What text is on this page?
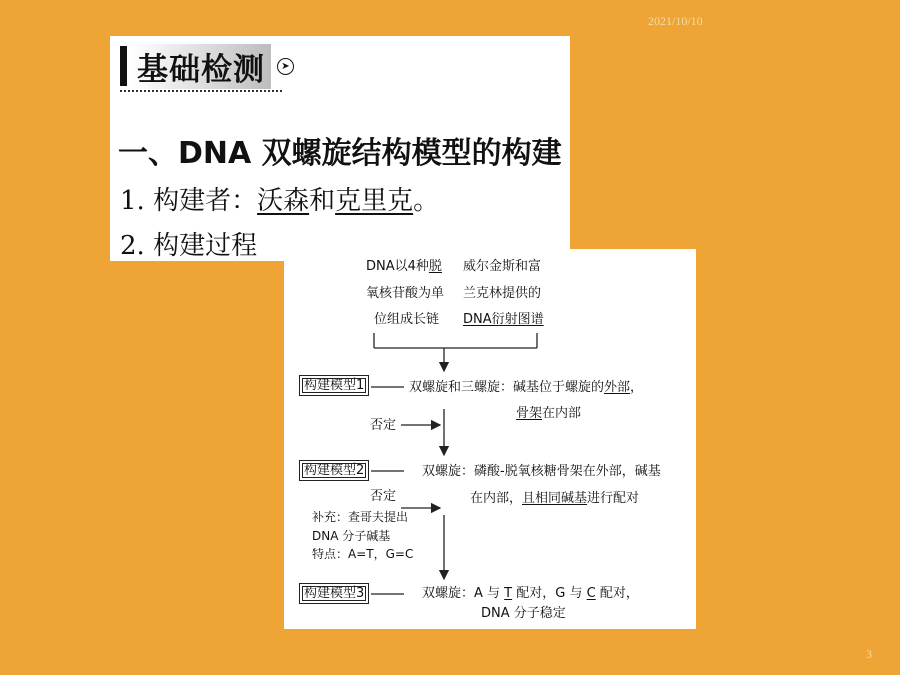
2021/10/10
基础检测	➤
一、DNA 双螺旋结构模型的构建
1. 构建者：沃森和克里克。
2. 构建过程
DNA以4种脱
氧核苷酸为单
位组成长链
威尔金斯和富
兰克林提供的
DNA衍射图谱
构建模型1	双螺旋和三螺旋：碱基位于螺旋的外部，
骨架在内部
否定
构建模型2	双螺旋：磷酸-脱氧核糖骨架在外部，碱基
在内部，且相同碱基进行配对
否定
补充：查哥夫提出
DNA 分子碱基
特点：A=T，G=C
构建模型3	双螺旋：A 与 T 配对，G 与 C 配对，
DNA 分子稳定
3
